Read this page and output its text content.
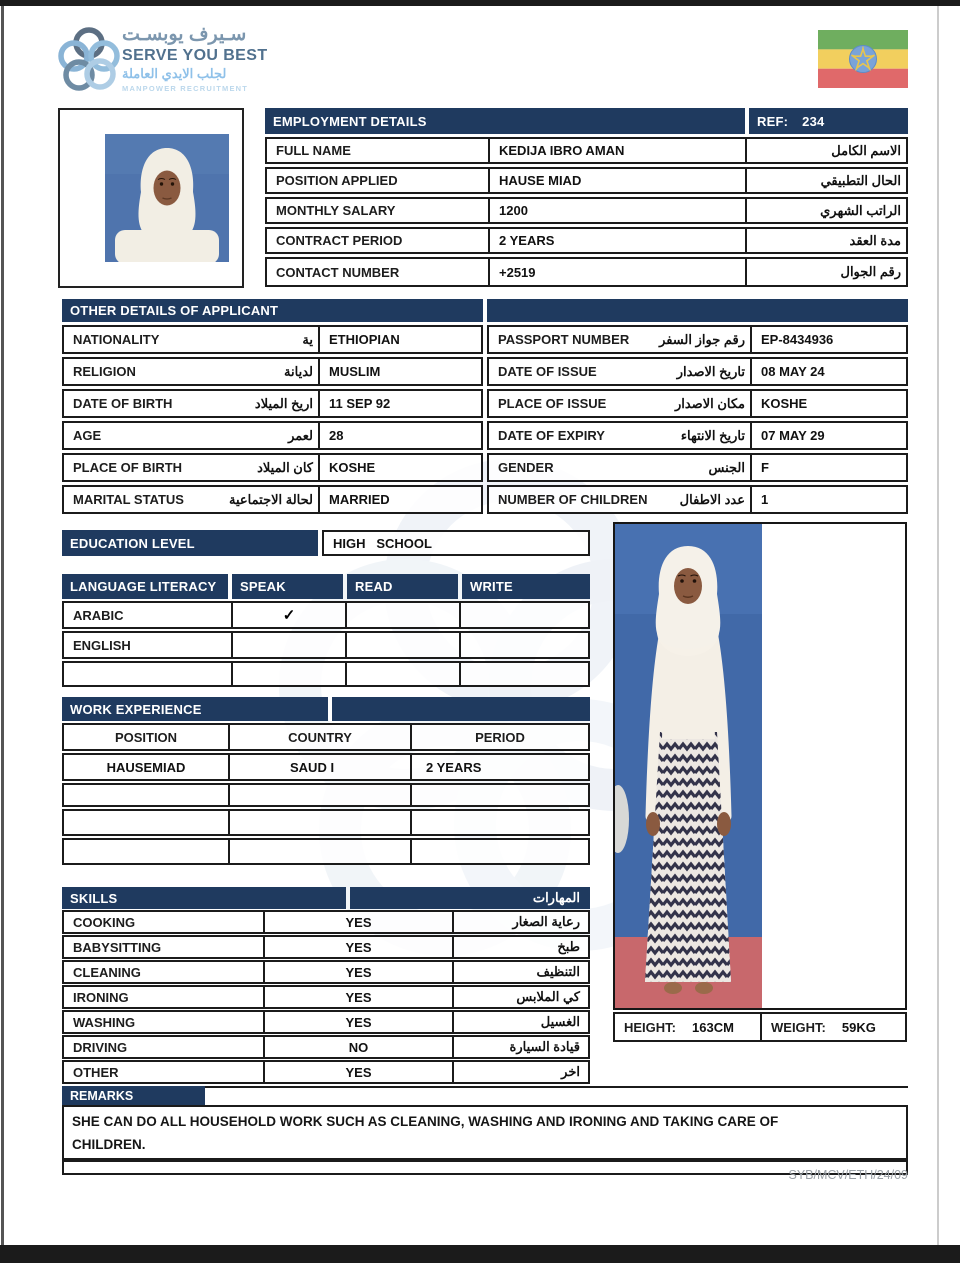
سـيرف يوبسـت
SERVE YOU BEST
لجلب الايدي العاملة
MANPOWER RECRUITMENT
EMPLOYMENT DETAILS	REF: 234
FULL NAME	KEDIJA IBRO AMAN	الاسم الكامل
POSITION APPLIED	HAUSE MIAD	الحال التطبيقي
MONTHLY SALARY	1200	الراتب الشهري
CONTRACT PERIOD	2 YEARS	مدة العقد
CONTACT NUMBER	+2519	رقم الجوال
OTHER DETAILS OF APPLICANT
NATIONALITY	ية	ETHIOPIAN
RELIGION	لديانة	MUSLIM
DATE OF BIRTH	اريخ الميلاد	11 SEP 92
AGE	لعمر	28
PLACE OF BIRTH	كان الميلاد	KOSHE
MARITAL STATUS	لحالة الاجتماعية	MARRIED
PASSPORT NUMBER رقم جواز السفر	EP-8434936
DATE OF ISSUE	تاريخ الاصدار	08 MAY 24
PLACE OF ISSUE	مكان الاصدار	KOSHE
DATE OF EXPIRY	تاريخ الانتهاء	07 MAY 29
GENDER	الجنس	F
NUMBER OF CHILDREN عدد الاطفال	1
EDUCATION LEVEL	HIGH   SCHOOL
LANGUAGE LITERACY	SPEAK	READ	WRITE
ARABIC	✓
ENGLISH
WORK EXPERIENCE
POSITION	COUNTRY	PERIOD
HAUSEMIAD	SAUD I	2 YEARS
HEIGHT:	163CM	WEIGHT:	59KG
SKILLS	المهارات
COOKING	YES	رعاية الصغار
BABYSITTING	YES	طبخ
CLEANING	YES	التنظيف
IRONING	YES	كي الملابس
WASHING	YES	الغسيل
DRIVING	NO	قيادة السيارة
OTHER	YES	اخر
REMARKS
SHE CAN DO ALL HOUSEHOLD WORK SUCH AS CLEANING, WASHING AND IRONING AND TAKING CARE OF CHILDREN.
SYB/MCV/ETH/24/09
